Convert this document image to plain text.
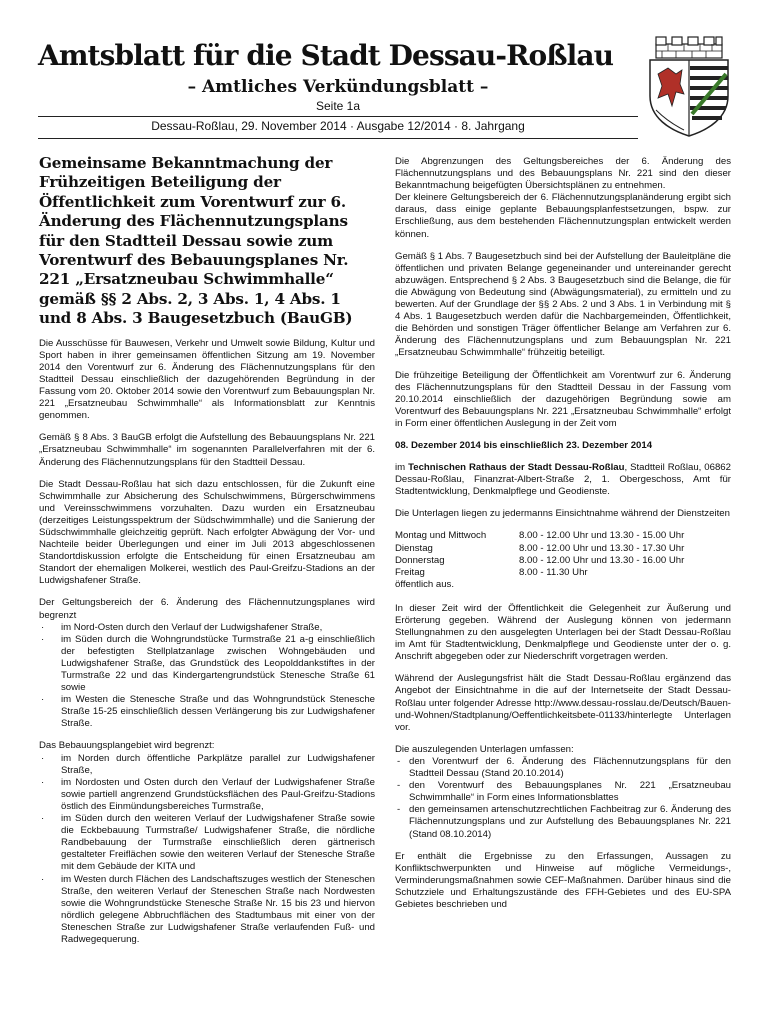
Amtsblatt für die Stadt Dessau-Roßlau
– Amtliches Verkündungsblatt –
Seite 1a
Dessau-Roßlau, 29. November 2014 · Ausgabe 12/2014 · 8. Jahrgang
Gemeinsame Bekanntmachung der Frühzeitigen Beteiligung der Öffentlichkeit zum Vorentwurf zur 6. Änderung des Flächennutzungsplans für den Stadtteil Dessau sowie zum Vorentwurf des Bebauungsplanes Nr. 221 „Ersatzneubau Schwimmhalle“ gemäß §§ 2 Abs. 2, 3 Abs. 1, 4 Abs. 1 und 8 Abs. 3 Baugesetzbuch (BauGB)

Die Ausschüsse für Bauwesen, Verkehr und Umwelt sowie Bildung, Kultur und Sport haben in ihrer gemeinsamen öffentlichen Sitzung am 19. November 2014 den Vorentwurf zur 6. Änderung des Flächennutzungsplans für den Stadtteil Dessau einschließlich der dazugehörenden Begründung in der Fassung vom 20. Oktober 2014 sowie den Vorentwurf zum Bebauungsplan Nr. 221 „Ersatzneubau Schwimmhalle“ als Informationsblatt zur Kenntnis genommen.

Gemäß § 8 Abs. 3 BauGB erfolgt die Aufstellung des Bebauungsplans Nr. 221 „Ersatzneubau Schwimmhalle“ im sogenannten Parallelverfahren mit der 6. Änderung des Flächennutzungsplans für den Stadtteil Dessau.

Die Stadt Dessau-Roßlau hat sich dazu entschlossen, für die Zukunft eine Schwimmhalle zur Absicherung des Schulschwimmens, Bürgerschwimmens und Vereinsschwimmens vorzuhalten. Dazu wurden ein Ersatzneubau (derzeitiges Leistungsspektrum der Südschwimmhalle) und die Sanierung der Südschwimmhalle gleichzeitig geprüft. Nach erfolgter Abwägung der Vor- und Nachteile beider Überlegungen und einer im Juli 2013 abgeschlossenen Standortdiskussion erfolgte die Entscheidung für einen Ersatzneubau am Standort der ehemaligen Molkerei, westlich des Paul-Greifzu-Stadions an der Ludwigshafener Straße.

Der Geltungsbereich der 6. Änderung des Flächennutzungsplanes wird begrenzt

· im Nord-Osten durch den Verlauf der Ludwigshafener Straße,
· im Süden durch die Wohngrundstücke Turmstraße 21 a-g einschließlich der befestigten Stellplatzanlage zwischen Wohngebäuden und Ludwigshafener Straße, das Grundstück des Leopolddankstiftes in der Turmstraße 22 und das Kindergartengrundstück Stenesche Straße 61 sowie
· im Westen die Stenesche Straße und das Wohngrundstück Stenesche Straße 15-25 einschließlich dessen Verlängerung bis zur Ludwigshafener Straße.

Das Bebauungsplangebiet wird begrenzt:

· im Norden durch öffentliche Parkplätze parallel zur Ludwigshafener Straße,
· im Nordosten und Osten durch den Verlauf der Ludwigshafener Straße sowie partiell angrenzend Grundstücksflächen des Paul-Greifzu-Stadions östlich des Einmündungsbereiches Turmstraße,
· im Süden durch den weiteren Verlauf der Ludwigshafener Straße sowie die Eckbebauung Turmstraße/ Ludwigshafener Straße, die nördliche Randbebauung der Turmstraße einschließlich deren gärtnerisch gestalteter Freiflächen sowie den weiteren Verlauf der Stenesche Straße mit dem Gebäude der KITA und
· im Westen durch Flächen des Landschaftszuges westlich der Steneschen Straße, den weiteren Verlauf der Steneschen Straße nach Nordwesten sowie die Wohngrundstücke Stenesche Straße Nr. 15 bis 23 und hiervon nördlich gelegene Abbruchflächen des Stadtumbaus mit einer von der Steneschen Straße zur Ludwigshafener Straße verlaufenden Fuß- und Radwegequerung.

Die Abgrenzungen des Geltungsbereiches der 6. Änderung des Flächennutzungsplans und des Bebauungsplans Nr. 221 sind den dieser Bekanntmachung beigefügten Übersichtsplänen zu entnehmen.

Der kleinere Geltungsbereich der 6. Flächennutzungsplanänderung ergibt sich daraus, dass einige geplante Bebauungsplanfestsetzungen, bspw. zur Erschließung, aus dem bestehenden Flächennutzungsplan entwickelt werden können.

Gemäß § 1 Abs. 7 Baugesetzbuch sind bei der Aufstellung der Bauleitpläne die öffentlichen und privaten Belange gegeneinander und untereinander gerecht abzuwägen. Entsprechend § 2 Abs. 3 Baugesetzbuch sind die Belange, die für die Abwägung von Bedeutung sind (Abwägungsmaterial), zu ermitteln und zu bewerten. Auf der Grundlage der §§ 2 Abs. 2 und 3 Abs. 1 in Verbindung mit § 4 Abs. 1 Baugesetzbuch werden dafür die Nachbargemeinden, Öffentlichkeit, die Behörden und sonstigen Träger öffentlicher Belange am Verfahren zur 6. Änderung des Flächennutzungsplans und zum Bebauungsplan Nr. 221 „Ersatzneubau Schwimmhalle“ frühzeitig beteiligt.

Die frühzeitige Beteiligung der Öffentlichkeit am Vorentwurf zur 6. Änderung des Flächennutzungsplans für den Stadtteil Dessau in der Fassung vom 20.10.2014 einschließlich der dazugehörigen Begründung sowie am Vorentwurf des Bebauungsplans Nr. 221 „Ersatzneubau Schwimmhalle“ erfolgt in Form einer öffentlichen Auslegung in der Zeit vom

08. Dezember 2014 bis einschließlich 23. Dezember 2014

im Technischen Rathaus der Stadt Dessau-Roßlau, Stadtteil Roßlau, 06862 Dessau-Roßlau, Finanzrat-Albert-Straße 2, 1. Obergeschoss, Amt für Stadtentwicklung, Denkmalpflege und Geodienste.

Die Unterlagen liegen zu jedermanns Einsichtnahme während der Dienstzeiten

Montag und Mittwoch	8.00 - 12.00 Uhr und 13.30 - 15.00 Uhr
Dienstag	8.00 - 12.00 Uhr und 13.30 - 17.30 Uhr
Donnerstag	8.00 - 12.00 Uhr und 13.30 - 16.00 Uhr
Freitag	8.00 - 11.30 Uhr
öffentlich aus.	

In dieser Zeit wird der Öffentlichkeit die Gelegenheit zur Äußerung und Erörterung gegeben. Während der Auslegung können von jedermann Stellungnahmen zu den ausgelegten Unterlagen bei der Stadt Dessau-Roßlau im Amt für Stadtentwicklung, Denkmalpflege und Geodienste unter der o. g. Anschrift abgegeben oder zur Niederschrift vorgetragen werden.

Während der Auslegungsfrist hält die Stadt Dessau-Roßlau ergänzend das Angebot der Einsichtnahme in die auf der Internetseite der Stadt Dessau-Roßlau unter folgender Adresse http://www.dessau-rosslau.de/Deutsch/Bauen-und-Wohnen/Stadtplanung/Oeffentlichkeitsbete-01133/hinterlegte Unterlagen vor.

Die auszulegenden Unterlagen umfassen:

- den Vorentwurf der 6. Änderung des Flächennutzungsplans für den Stadtteil Dessau (Stand 20.10.2014)
- den Vorentwurf des Bebauungsplanes Nr. 221 „Ersatzneubau Schwimmhalle“ in Form eines Informationsblattes
- den gemeinsamen artenschutzrechtlichen Fachbeitrag zur 6. Änderung des Flächennutzungsplans und zur Aufstellung des Bebauungsplanes Nr. 221 (Stand 08.10.2014)

Er enthält die Ergebnisse zu den Erfassungen, Aussagen zu Konfliktschwerpunkten und Hinweise auf mögliche Vermeidungs-, Verminderungsmaßnahmen sowie CEF-Maßnahmen. Darüber hinaus sind die Schutzziele und Erhaltungszustände des FFH-Gebietes und des EU-SPA Gebietes beschrieben und
